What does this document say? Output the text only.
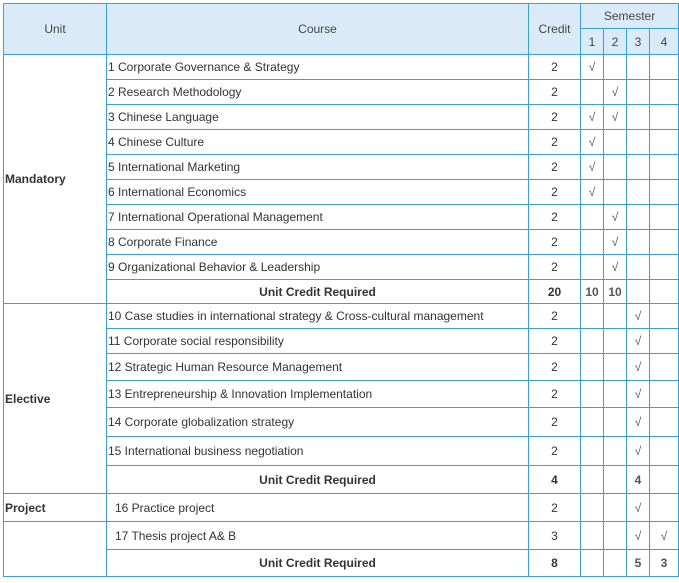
Unit	Course	Credit	Semester			
			1	2	3	4
Mandatory	1 Corporate Governance & Strategy	2	√			
	2 Research Methodology	2		√		
	3 Chinese Language	2	√	√		
	4 Chinese Culture	2	√			
	5 International Marketing	2	√			
	6 International Economics	2	√			
	7 International Operational Management	2		√		
	8 Corporate Finance	2		√		
	9 Organizational Behavior & Leadership	2		√		
	Unit Credit Required	20	10	10		
Elective	10 Case studies in international strategy & Cross-cultural management	2			√	
	11 Corporate social responsibility	2			√	
	12 Strategic Human Resource Management	2			√	
	13 Entrepreneurship & Innovation Implementation	2			√	
	14 Corporate globalization strategy	2			√	
	15 International business negotiation	2			√	
	Unit Credit Required	4			4	
Project	16 Practice project	2			√	
	17 Thesis project A& B	3			√	√
	Unit Credit Required	8			5	3
